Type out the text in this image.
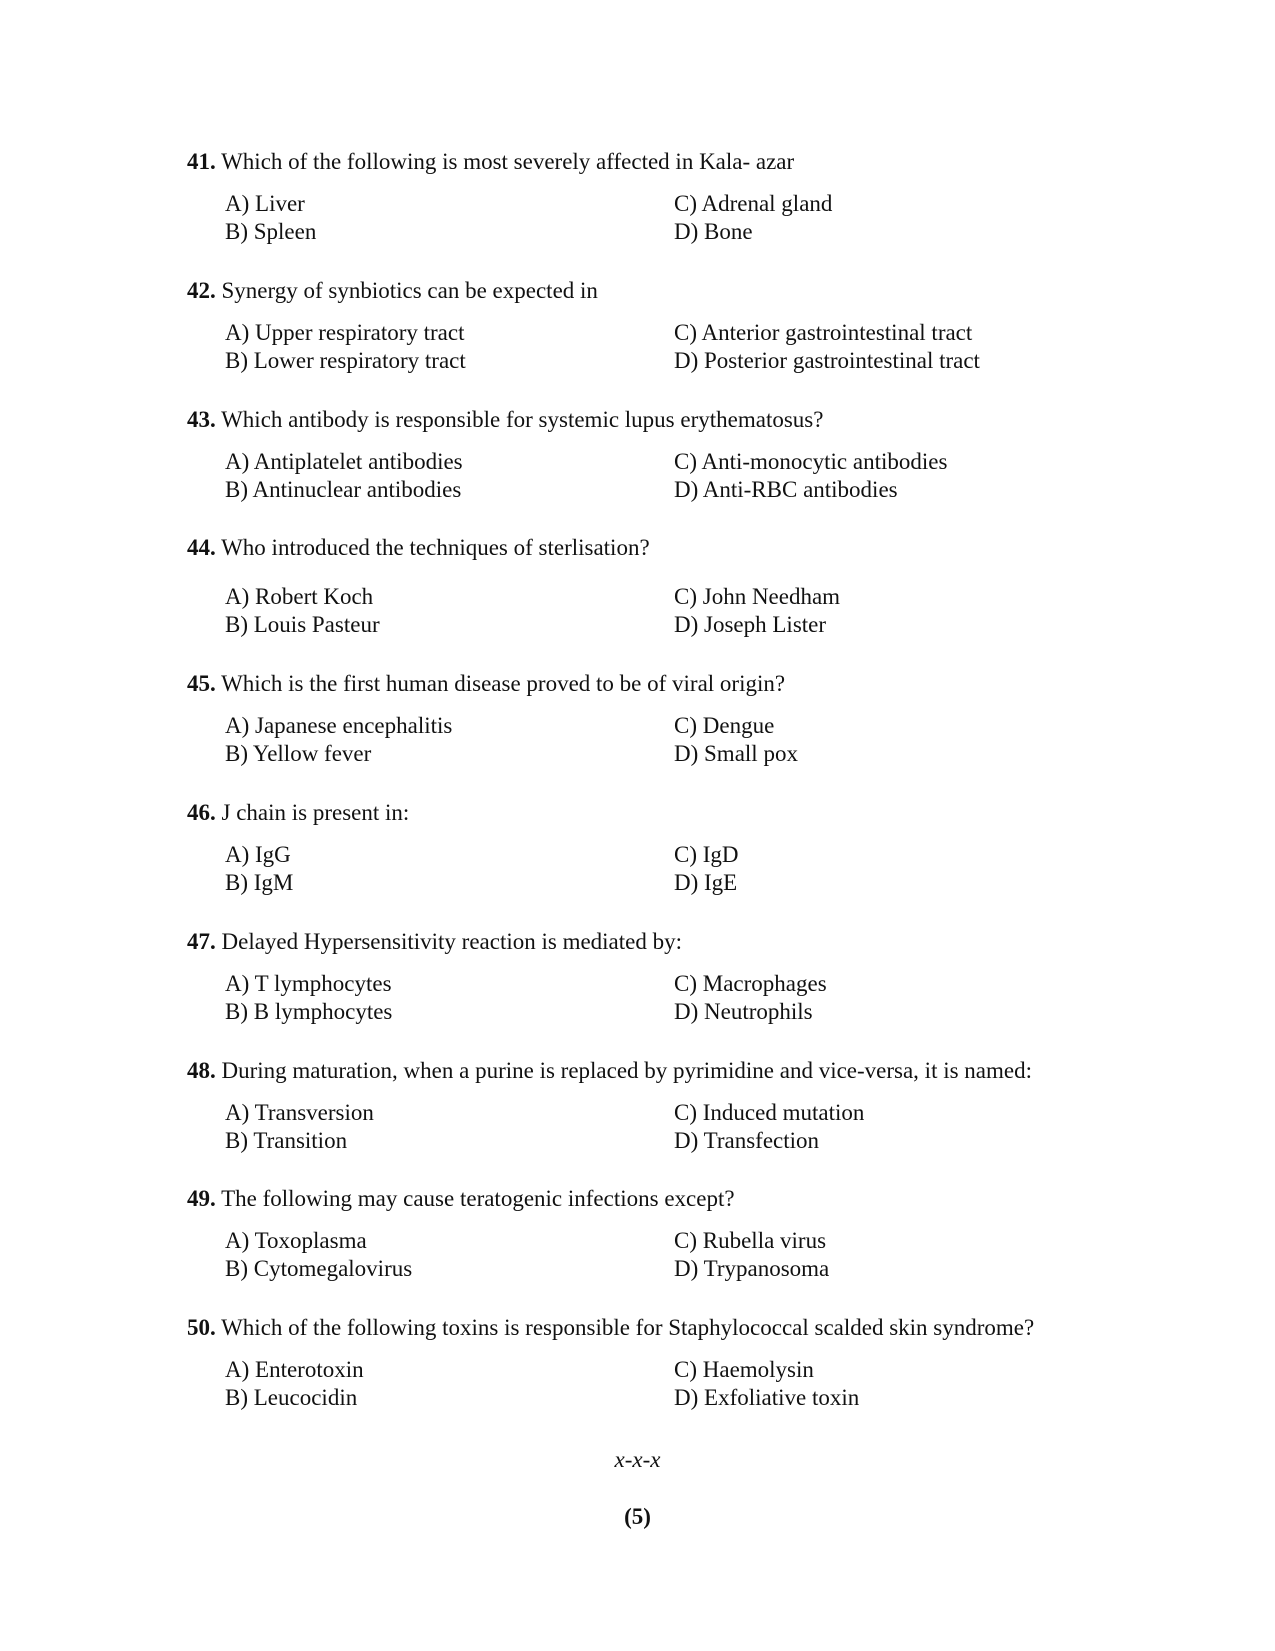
41. Which of the following is most severely affected in Kala- azar
A) Liver
B) Spleen
C) Adrenal gland
D) Bone
42. Synergy of synbiotics can be expected in
A) Upper respiratory tract
B) Lower respiratory tract
C) Anterior gastrointestinal tract
D) Posterior gastrointestinal tract
43. Which antibody is responsible for systemic lupus erythematosus?
A) Antiplatelet antibodies
B) Antinuclear antibodies
C) Anti-monocytic antibodies
D) Anti-RBC antibodies
44. Who introduced the techniques of sterlisation?
A) Robert Koch
B) Louis Pasteur
C) John Needham
D) Joseph Lister
45. Which is the first human disease proved to be of viral origin?
A) Japanese encephalitis
B) Yellow fever
C) Dengue
D) Small pox
46. J chain is present in:
A) IgG
B) IgM
C) IgD
D) IgE
47. Delayed Hypersensitivity reaction is mediated by:
A) T lymphocytes
B) B lymphocytes
C) Macrophages
D) Neutrophils
48. During maturation, when a purine is replaced by pyrimidine and vice-versa, it is named:
A) Transversion
B) Transition
C) Induced mutation
D) Transfection
49. The following may cause teratogenic infections except?
A) Toxoplasma
B) Cytomegalovirus
C) Rubella virus
D) Trypanosoma
50. Which of the following toxins is responsible for Staphylococcal scalded skin syndrome?
A) Enterotoxin
B) Leucocidin
C) Haemolysin
D) Exfoliative toxin
x-x-x
(5)
